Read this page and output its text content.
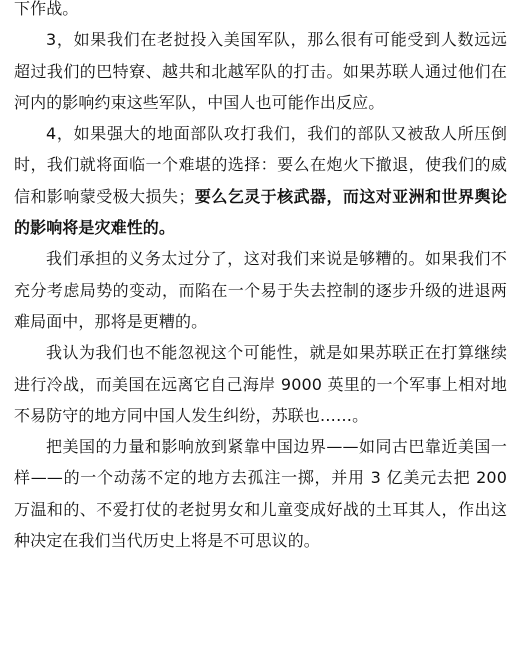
下作战。

3，如果我们在老挝投入美国军队，那么很有可能受到人数远远超过我们的巴特寮、越共和北越军队的打击。如果苏联人通过他们在河内的影响约束这些军队，中国人也可能作出反应。

4，如果强大的地面部队攻打我们，我们的部队又被敌人所压倒时，我们就将面临一个难堪的选择：要么在炮火下撤退，使我们的威信和影响蒙受极大损失；要么乞灵于核武器，而这对亚洲和世界舆论的影响将是灾难性的。

我们承担的义务太过分了，这对我们来说是够糟的。如果我们不充分考虑局势的变动，而陷在一个易于失去控制的逐步升级的进退两难局面中，那将是更糟的。

我认为我们也不能忽视这个可能性，就是如果苏联正在打算继续进行冷战，而美国在远离它自己海岸 9000 英里的一个军事上相对地不易防守的地方同中国人发生纠纷，苏联也……。

把美国的力量和影响放到紧靠中国边界——如同古巴靠近美国一样——的一个动荡不定的地方去孤注一掷，并用 3 亿美元去把 200 万温和的、不爱打仗的老挝男女和儿童变成好战的土耳其人，作出这种决定在我们当代历史上将是不可思议的。
